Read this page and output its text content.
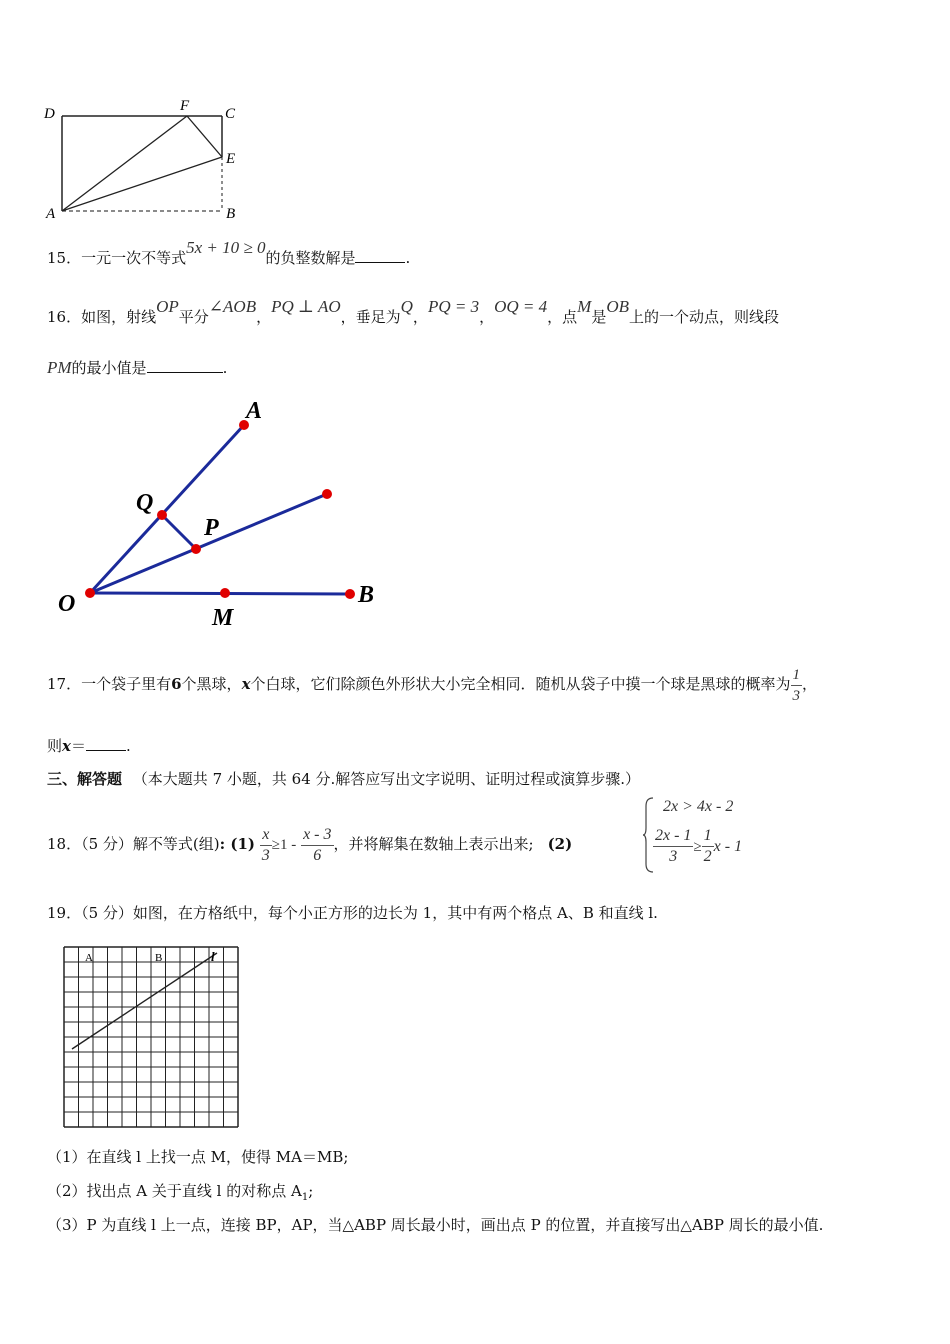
D	F C
E
A	B
15．一元一次不等式5x + 10 ≥ 0的负整数解是	.
16．如图，射线OP平分∠AOB，PQ ⊥ AO，垂足为Q，PQ = 3，OQ = 4，点M是OB上的一个动点，则线段
PM的最小值是	.
A
Q
P
O
M
B
17．一个袋子里有6个黑球，x个白球，它们除颜色外形状大小完全相同．随机从袋子中摸一个球是黑球的概率为 $\frac{1}{3}$ ，
则x＝	.
三、解答题 （本大题共 7 小题，共 64 分.解答应写出文字说明、证明过程或演算步骤.）
18．（5 分）解不等式(组): $(1) \frac{x}{3} \ge 1 - \frac{x - 3}{6}$ ，并将解集在数轴上表示出来; (2)
2x > 4x - 2
$\frac{2x - 1}{3} \ge \frac{1}{2}$ x - 1
19．（5 分）如图，在方格纸中，每个小正方形的边长为 1，其中有两个格点 A、B 和直线 l.
A	B	l
（1）在直线 l 上找一点 M，使得 MA＝MB;
（2）找出点 A 关于直线 l 的对称点 $A_1$;
（3）P 为直线 l 上一点，连接 BP，AP，当△ABP 周长最小时，画出点 P 的位置，并直接写出△ABP 周长的最小值.
